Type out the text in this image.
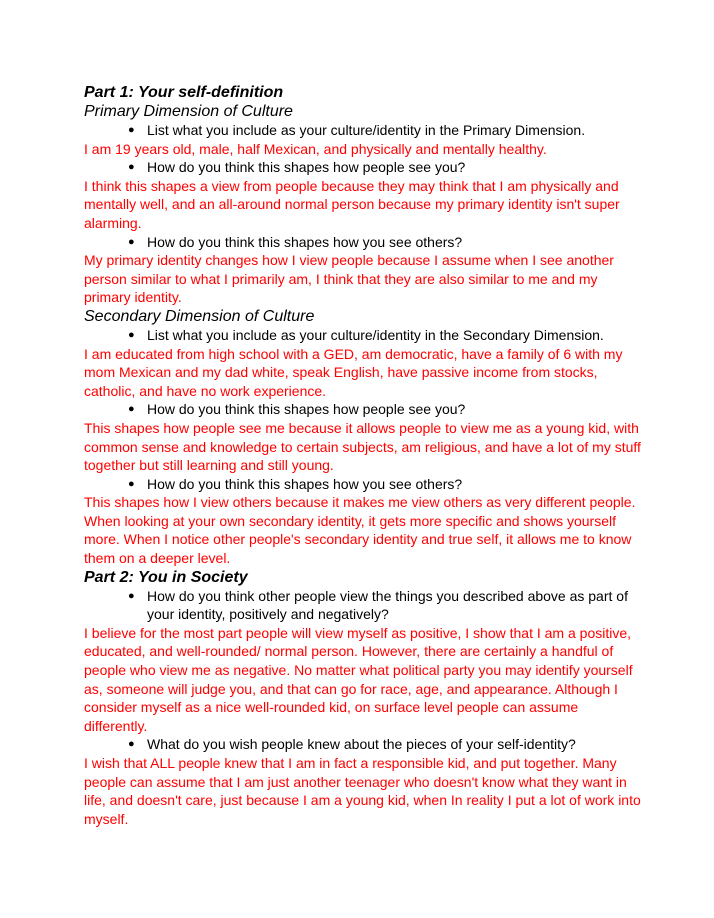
Part 1: Your self-definition

Primary Dimension of Culture

● List what you include as your culture/identity in the Primary Dimension.

I am 19 years old, male, half Mexican, and physically and mentally healthy.

● How do you think this shapes how people see you?

I think this shapes a view from people because they may think that I am physically and mentally well, and an all-around normal person because my primary identity isn't super alarming.

● How do you think this shapes how you see others?

My primary identity changes how I view people because I assume when I see another person similar to what I primarily am, I think that they are also similar to me and my primary identity.

Secondary Dimension of Culture

● List what you include as your culture/identity in the Secondary Dimension.

I am educated from high school with a GED, am democratic, have a family of 6 with my mom Mexican and my dad white, speak English, have passive income from stocks, catholic, and have no work experience.

● How do you think this shapes how people see you?

This shapes how people see me because it allows people to view me as a young kid, with common sense and knowledge to certain subjects, am religious, and have a lot of my stuff together but still learning and still young.

● How do you think this shapes how you see others?

This shapes how I view others because it makes me view others as very different people. When looking at your own secondary identity, it gets more specific and shows yourself more. When I notice other people's secondary identity and true self, it allows me to know them on a deeper level.

Part 2: You in Society

● How do you think other people view the things you described above as part of your identity, positively and negatively?

I believe for the most part people will view myself as positive, I show that I am a positive, educated, and well-rounded/ normal person. However, there are certainly a handful of people who view me as negative. No matter what political party you may identify yourself as, someone will judge you, and that can go for race, age, and appearance. Although I consider myself as a nice well-rounded kid, on surface level people can assume differently.

● What do you wish people knew about the pieces of your self-identity?

I wish that ALL people knew that I am in fact a responsible kid, and put together. Many people can assume that I am just another teenager who doesn't know what they want in life, and doesn't care, just because I am a young kid, when In reality I put a lot of work into myself.
